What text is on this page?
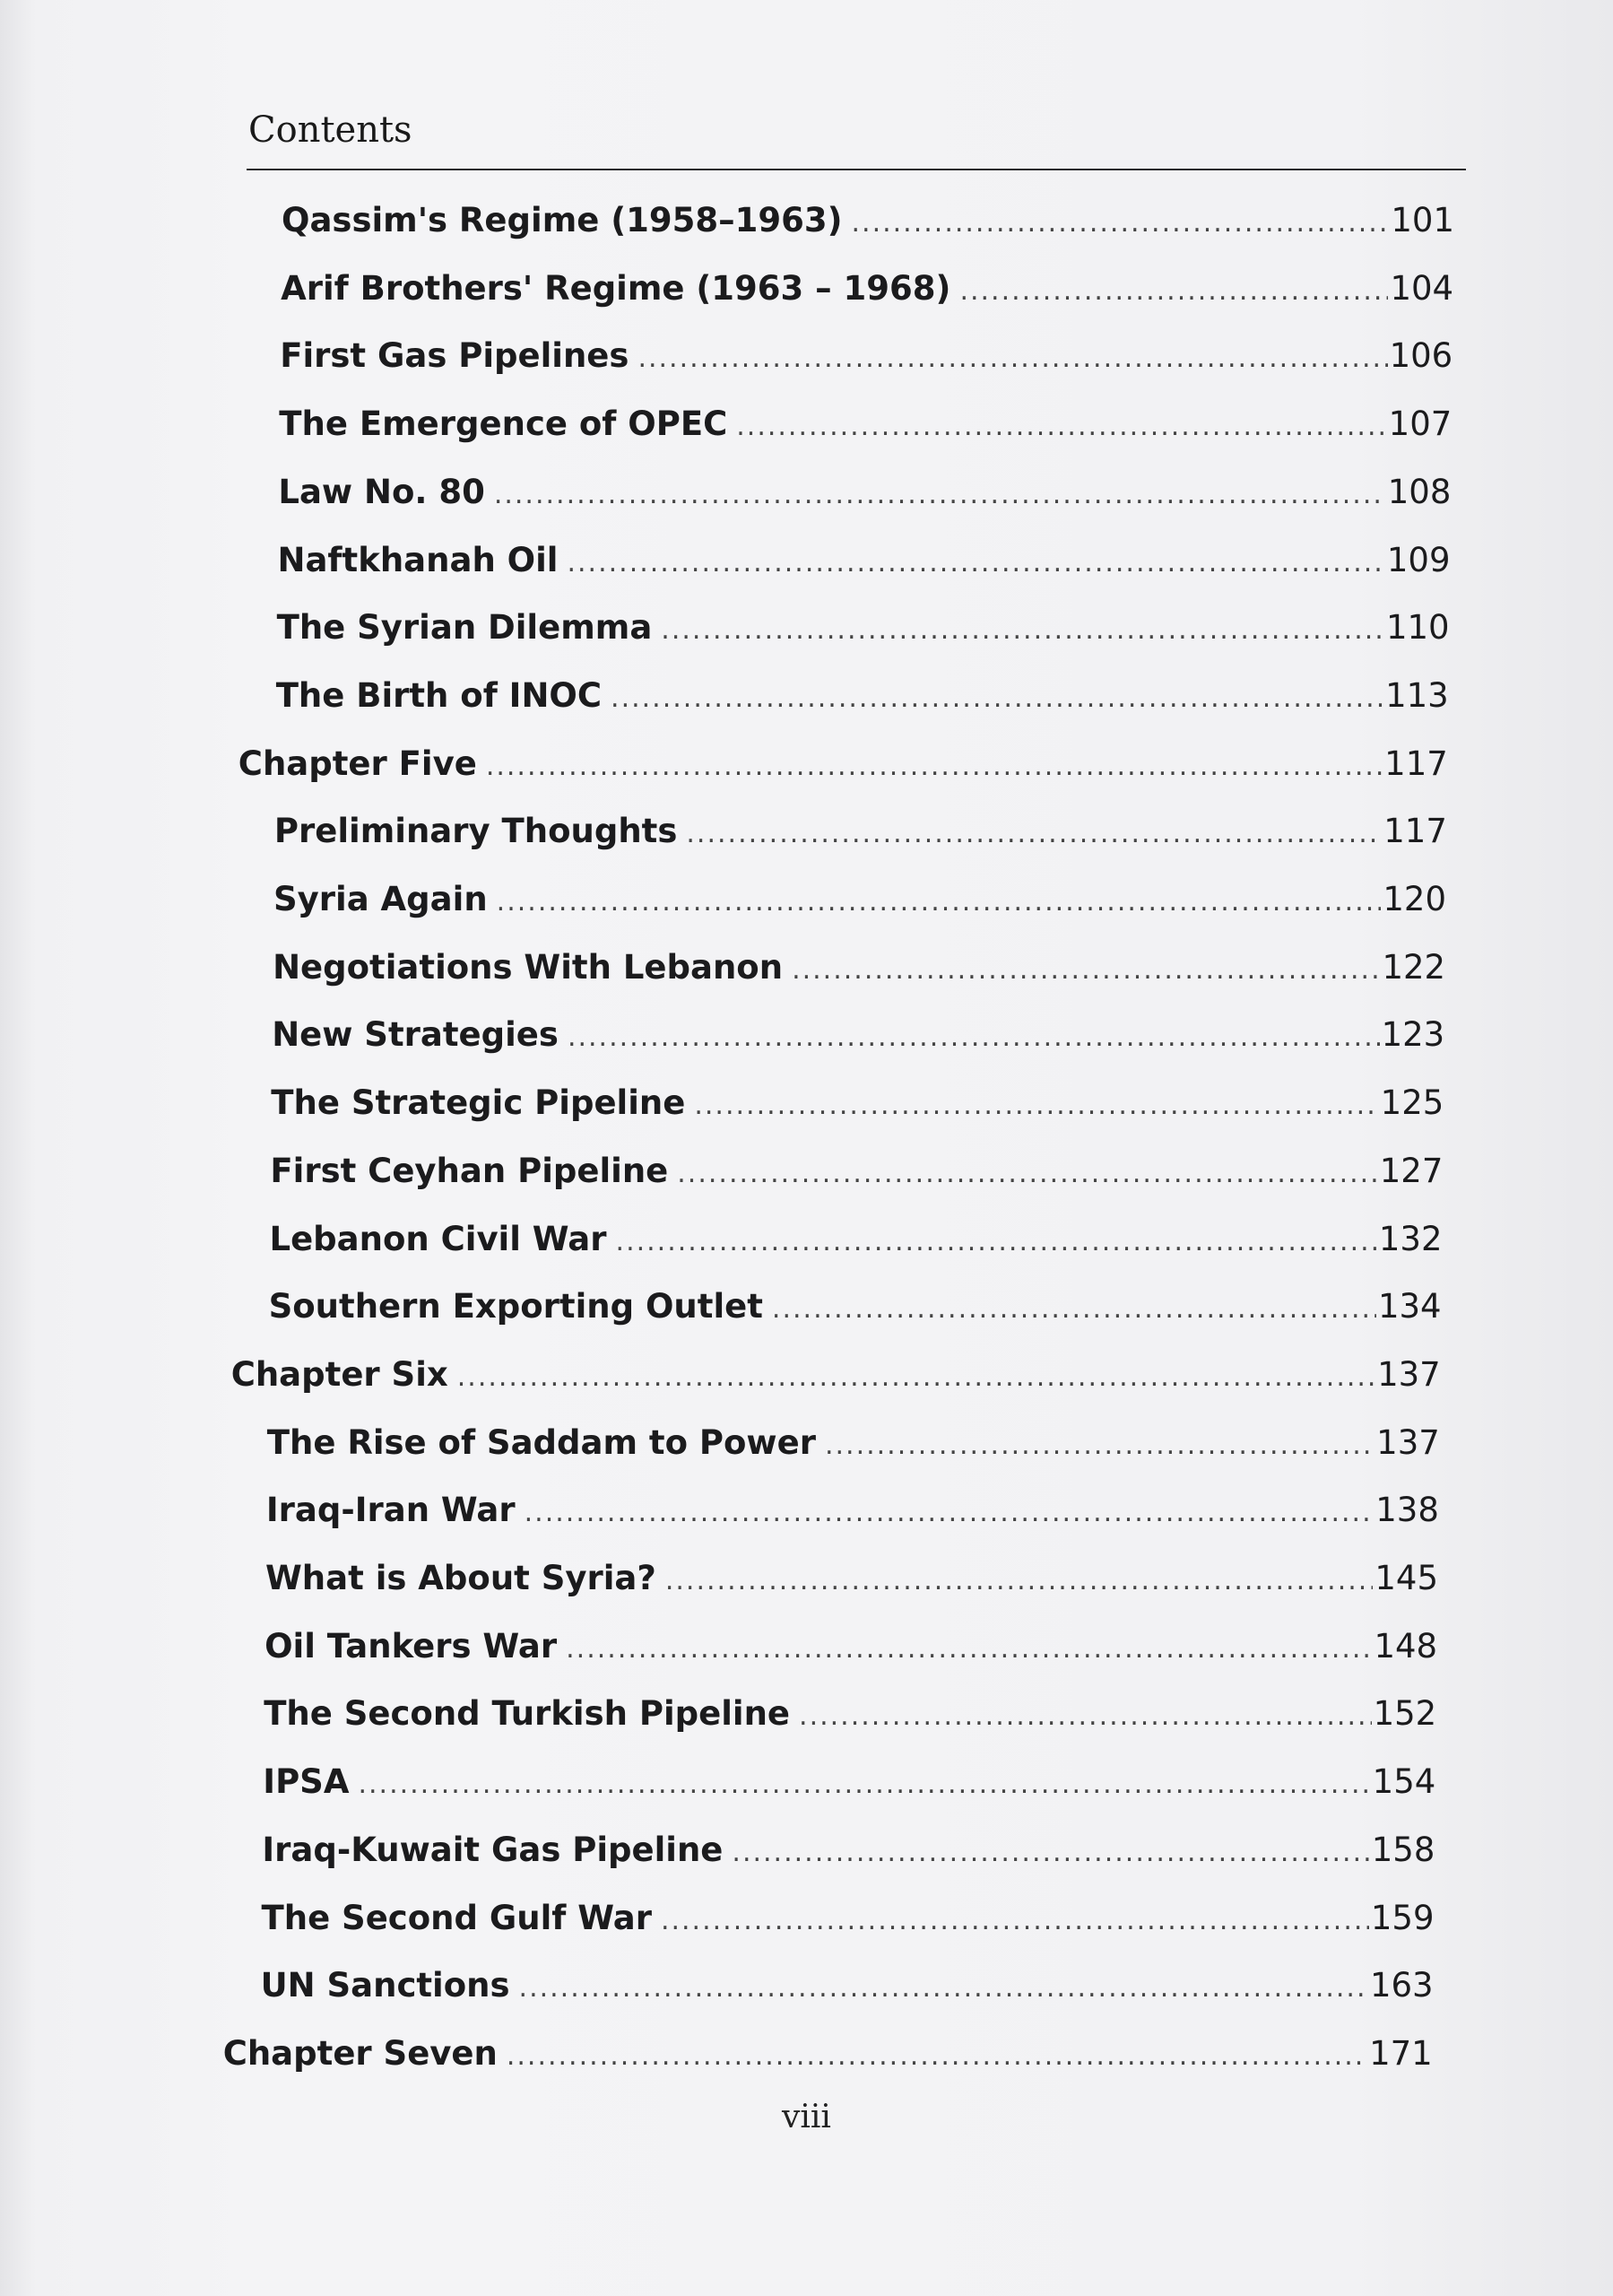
Contents
Qassim's Regime (1958–1963) .....	101
Arif Brothers' Regime (1963 – 1968) .....	104
First Gas Pipelines .....	106
The Emergence of OPEC .....	107
Law No. 80 .....	108
Naftkhanah Oil .....	109
The Syrian Dilemma .....	110
The Birth of INOC .....	113
Chapter Five .....	117
Preliminary Thoughts .....	117
Syria Again .....	120
Negotiations With Lebanon .....	122
New Strategies .....	123
The Strategic Pipeline .....	125
First Ceyhan Pipeline .....	127
Lebanon Civil War .....	132
Southern Exporting Outlet .....	134
Chapter Six .....	137
The Rise of Saddam to Power .....	137
Iraq-Iran War .....	138
What is About Syria? .....	145
Oil Tankers War .....	148
The Second Turkish Pipeline .....	152
IPSA .....	154
Iraq-Kuwait Gas Pipeline .....	158
The Second Gulf War .....	159
UN Sanctions .....	163
Chapter Seven .....	171
viii
